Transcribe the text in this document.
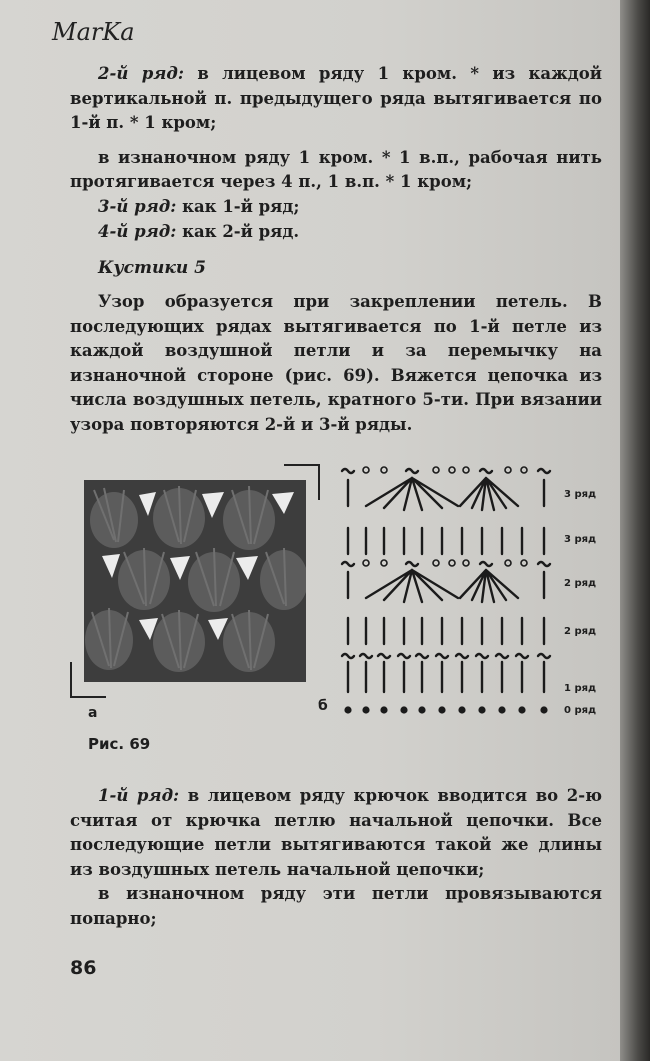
MarKa

2-й ряд: в лицевом ряду 1 кром. * из каждой вертикальной п. предыдущего ряда вытягивается по 1-й п. * 1 кром;

в изнаночном ряду 1 кром. * 1 в.п., рабочая нить протягивается через 4 п., 1 в.п. * 1 кром;

3-й ряд: как 1-й ряд;

4-й ряд: как 2-й ряд.

Кустики 5

Узор образуется при закреплении петель. В последующих рядах вытягивается по 1-й петле из каждой воздушной петли и за перемычку на изнаночной стороне (рис. 69). Вяжется цепочка из числа воздушных петель, кратного 5-ти. При вязании узора повторяются 2-й и 3-й ряды.

а
3 ряд
3 ряд
2 ряд
2 ряд
1 ряд
0 ряд
б
Рис. 69

1-й ряд: в лицевом ряду крючок вводится во 2-ю считая от крючка петлю начальной цепочки. Все последующие петли вытягиваются такой же длины из воздушных петель начальной цепочки;

в изнаночном ряду эти петли провязываются попарно;

86
